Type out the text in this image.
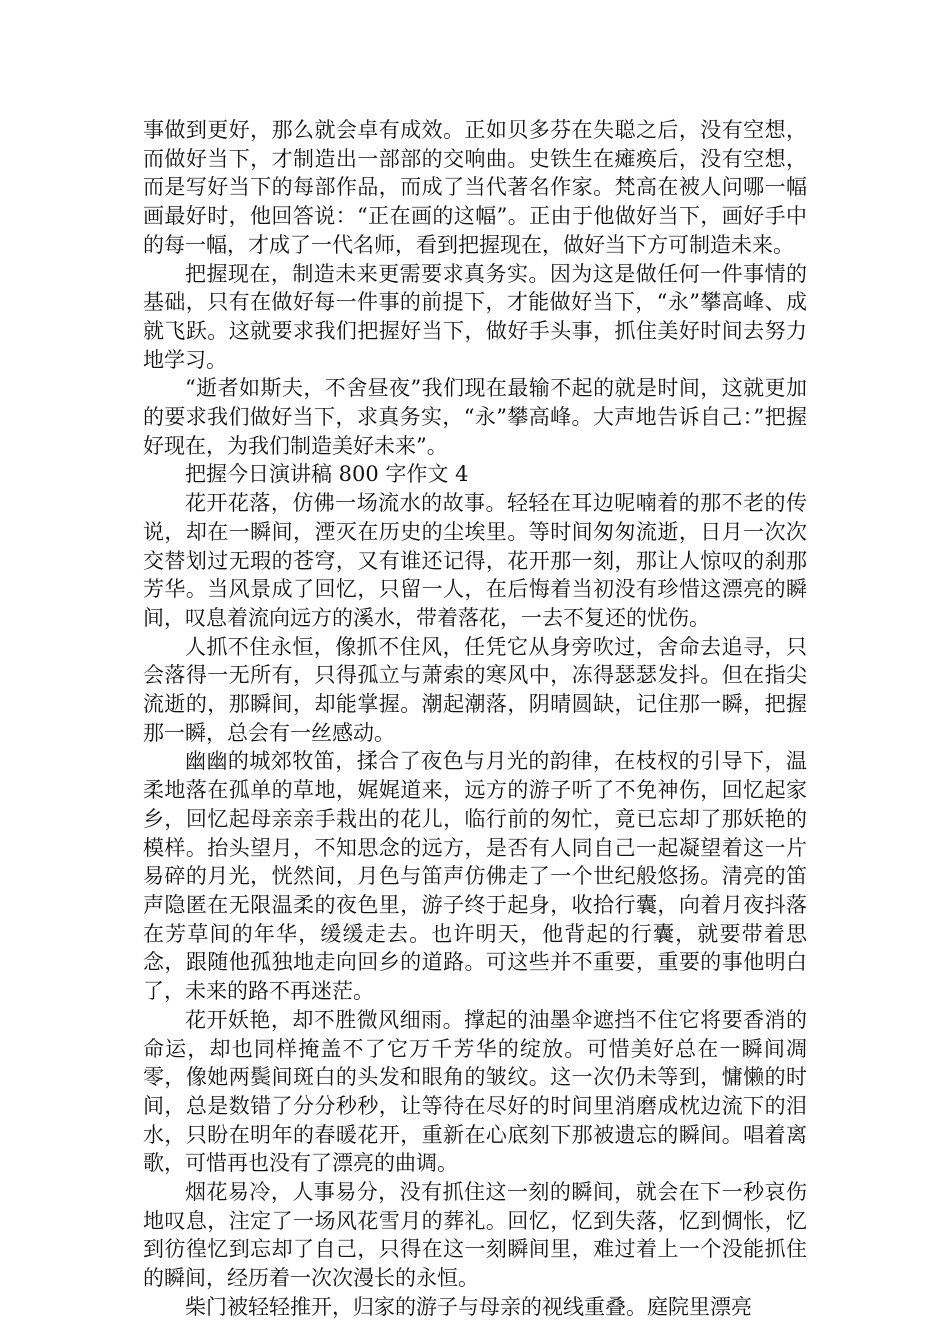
事做到更好，那么就会卓有成效。正如贝多芬在失聪之后，没有空想，而做好当下，才制造出一部部的交响曲。史铁生在瘫痪后，没有空想，而是写好当下的每部作品，而成了当代著名作家。梵高在被人问哪一幅画最好时，他回答说：“正在画的这幅”。正由于他做好当下，画好手中的每一幅，才成了一代名师，看到把握现在，做好当下方可制造未来。

把握现在，制造未来更需要求真务实。因为这是做任何一件事情的基础，只有在做好每一件事的前提下，才能做好当下，“永”攀高峰、成就飞跃。这就要求我们把握好当下，做好手头事，抓住美好时间去努力地学习。

“逝者如斯夫，不舍昼夜”我们现在最输不起的就是时间，这就更加的要求我们做好当下，求真务实，“永”攀高峰。大声地告诉自己：”把握好现在，为我们制造美好未来”。

把握今日演讲稿 800 字作文 4

花开花落，仿佛一场流水的故事。轻轻在耳边呢喃着的那不老的传说，却在一瞬间，湮灭在历史的尘埃里。等时间匆匆流逝，日月一次次交替划过无瑕的苍穹，又有谁还记得，花开那一刻，那让人惊叹的刹那芳华。当风景成了回忆，只留一人，在后悔着当初没有珍惜这漂亮的瞬间，叹息着流向远方的溪水，带着落花，一去不复还的忧伤。

人抓不住永恒，像抓不住风，任凭它从身旁吹过，舍命去追寻，只会落得一无所有，只得孤立与萧索的寒风中，冻得瑟瑟发抖。但在指尖流逝的，那瞬间，却能掌握。潮起潮落，阴晴圆缺，记住那一瞬，把握那一瞬，总会有一丝感动。

幽幽的城郊牧笛，揉合了夜色与月光的韵律，在枝杈的引导下，温柔地落在孤单的草地，娓娓道来，远方的游子听了不免神伤，回忆起家乡，回忆起母亲亲手栽出的花儿，临行前的匆忙，竟已忘却了那妖艳的模样。抬头望月，不知思念的远方，是否有人同自己一起凝望着这一片易碎的月光，恍然间，月色与笛声仿佛走了一个世纪般悠扬。清亮的笛声隐匿在无限温柔的夜色里，游子终于起身，收拾行囊，向着月夜抖落在芳草间的年华，缓缓走去。也许明天，他背起的行囊，就要带着思念，跟随他孤独地走向回乡的道路。可这些并不重要，重要的事他明白了，未来的路不再迷茫。

花开妖艳，却不胜微风细雨。撑起的油墨伞遮挡不住它将要香消的命运，却也同样掩盖不了它万千芳华的绽放。可惜美好总在一瞬间凋零，像她两鬓间斑白的头发和眼角的皱纹。这一次仍未等到，慵懒的时间，总是数错了分分秒秒，让等待在尽好的时间里消磨成枕边流下的泪水，只盼在明年的春暖花开，重新在心底刻下那被遗忘的瞬间。唱着离歌，可惜再也没有了漂亮的曲调。

烟花易冷，人事易分，没有抓住这一刻的瞬间，就会在下一秒哀伤地叹息，注定了一场风花雪月的葬礼。回忆，忆到失落，忆到惆怅，忆到彷徨忆到忘却了自己，只得在这一刻瞬间里，难过着上一个没能抓住的瞬间，经历着一次次漫长的永恒。

柴门被轻轻推开，归家的游子与母亲的视线重叠。庭院里漂亮
